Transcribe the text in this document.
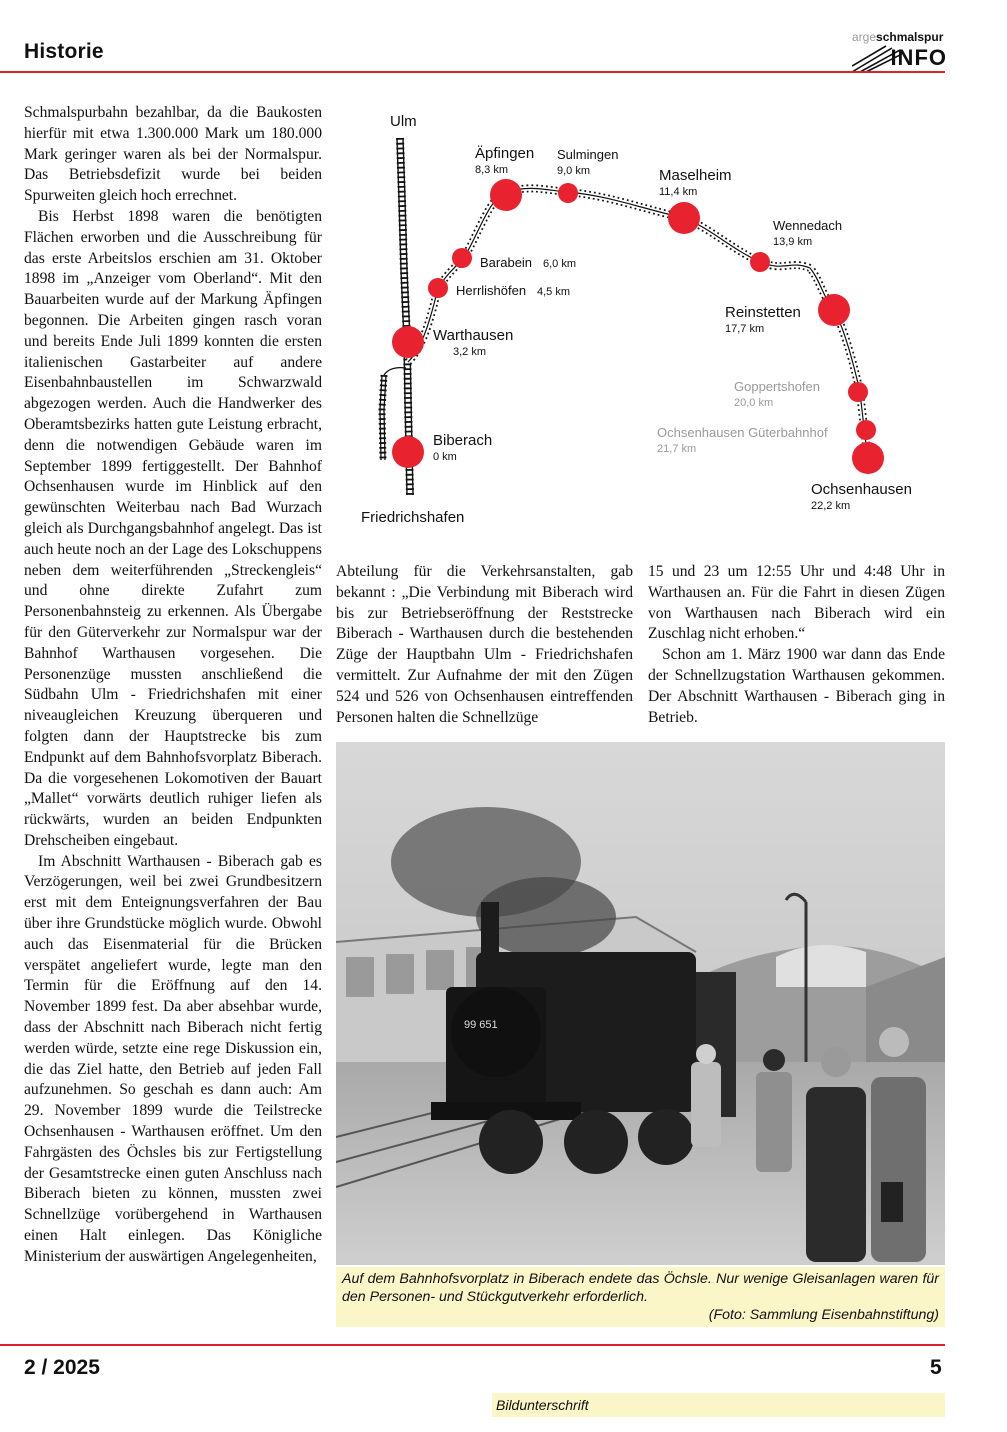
Historie
argeschmalspur
INFO

Schmalspurbahn bezahlbar, da die Baukosten hierfür mit etwa 1.300.000 Mark um 180.000 Mark geringer waren als bei der Normalspur. Das Betriebsdefizit wurde bei beiden Spurweiten gleich hoch errechnet.

Bis Herbst 1898 waren die benötigten Flächen erworben und die Ausschreibung für das erste Arbeitslos erschien am 31. Oktober 1898 im „Anzeiger vom Oberland“. Mit den Bauarbeiten wurde auf der Markung Äpfingen begonnen. Die Arbeiten gingen rasch voran und bereits Ende Juli 1899 konnten die ersten italienischen Gastarbeiter auf andere Eisenbahnbaustellen im Schwarzwald abgezogen werden. Auch die Handwerker des Oberamtsbezirks hatten gute Leistung erbracht, denn die notwendigen Gebäude waren im September 1899 fertiggestellt. Der Bahnhof Ochsenhausen wurde im Hinblick auf den gewünschten Weiterbau nach Bad Wurzach gleich als Durchgangsbahnhof angelegt. Das ist auch heute noch an der Lage des Lokschuppens neben dem weiterführenden „Streckengleis“ und ohne direkte Zufahrt zum Personenbahnsteig zu erkennen. Als Übergabe für den Güterverkehr zur Normalspur war der Bahnhof Warthausen vorgesehen. Die Personenzüge mussten anschließend die Südbahn Ulm - Friedrichshafen mit einer niveaugleichen Kreuzung überqueren und folgten dann der Hauptstrecke bis zum Endpunkt auf dem Bahnhofsvorplatz Biberach. Da die vorgesehenen Lokomotiven der Bauart „Mallet“ vorwärts deutlich ruhiger liefen als rückwärts, wurden an beiden Endpunkten Drehscheiben eingebaut.

Im Abschnitt Warthausen - Biberach gab es Verzögerungen, weil bei zwei Grundbesitzern erst mit dem Enteignungsverfahren der Bau über ihre Grundstücke möglich wurde. Obwohl auch das Eisenmaterial für die Brücken verspätet angeliefert wurde, legte man den Termin für die Eröffnung auf den 14. November 1899 fest. Da aber absehbar wurde, dass der Abschnitt nach Biberach nicht fertig werden würde, setzte eine rege Diskussion ein, die das Ziel hatte, den Betrieb auf jeden Fall aufzunehmen. So geschah es dann auch: Am 29. November 1899 wurde die Teilstrecke Ochsenhausen - Warthausen eröffnet. Um den Fahrgästen des Öchsles bis zur Fertigstellung der Gesamtstrecke einen guten Anschluss nach Biberach bieten zu können, mussten zwei Schnellzüge vorübergehend in Warthausen einen Halt einlegen. Das Königliche Ministerium der auswärtigen Angelegenheiten,

Ulm
Friedrichshafen
Biberach
Warthausen
Herrlishöfen
Barabein
Äpfingen Sulmingen
Maselheim
Wennedach
Reinstetten
Goppertshofen
Ochsenhausen Güterbahnhof
Ochsenhausen
0 km
3,2 km
4,5 km
6,0 km
8,3 km	9,0 km
11,4 km
13,9 km
17,7 km
20,0 km
21,7 km
22,2 km

Abteilung für die Verkehrsanstalten, gab bekannt : „Die Verbindung mit Biberach wird bis zur Betriebseröffnung der Reststrecke Biberach - Warthausen durch die bestehenden Züge der Hauptbahn Ulm - Friedrichshafen vermittelt. Zur Aufnahme der mit den Zügen 524 und 526 von Ochsenhausen eintreffenden Personen halten die Schnellzüge

15 und 23 um 12:55 Uhr und 4:48 Uhr in Warthausen an. Für die Fahrt in diesen Zügen von Warthausen nach Biberach wird ein Zuschlag nicht erhoben.“

Schon am 1. März 1900 war dann das Ende der Schnellzugstation Warthausen gekommen. Der Abschnitt Warthausen - Biberach ging in Betrieb.

99 651
Auf dem Bahnhofsvorplatz in Biberach endete das Öchsle. Nur wenige Gleisanlagen waren für den Personen- und Stückgutverkehr erforderlich.
(Foto: Sammlung Eisenbahnstiftung)
2 / 2025	5
Bildunterschrift
